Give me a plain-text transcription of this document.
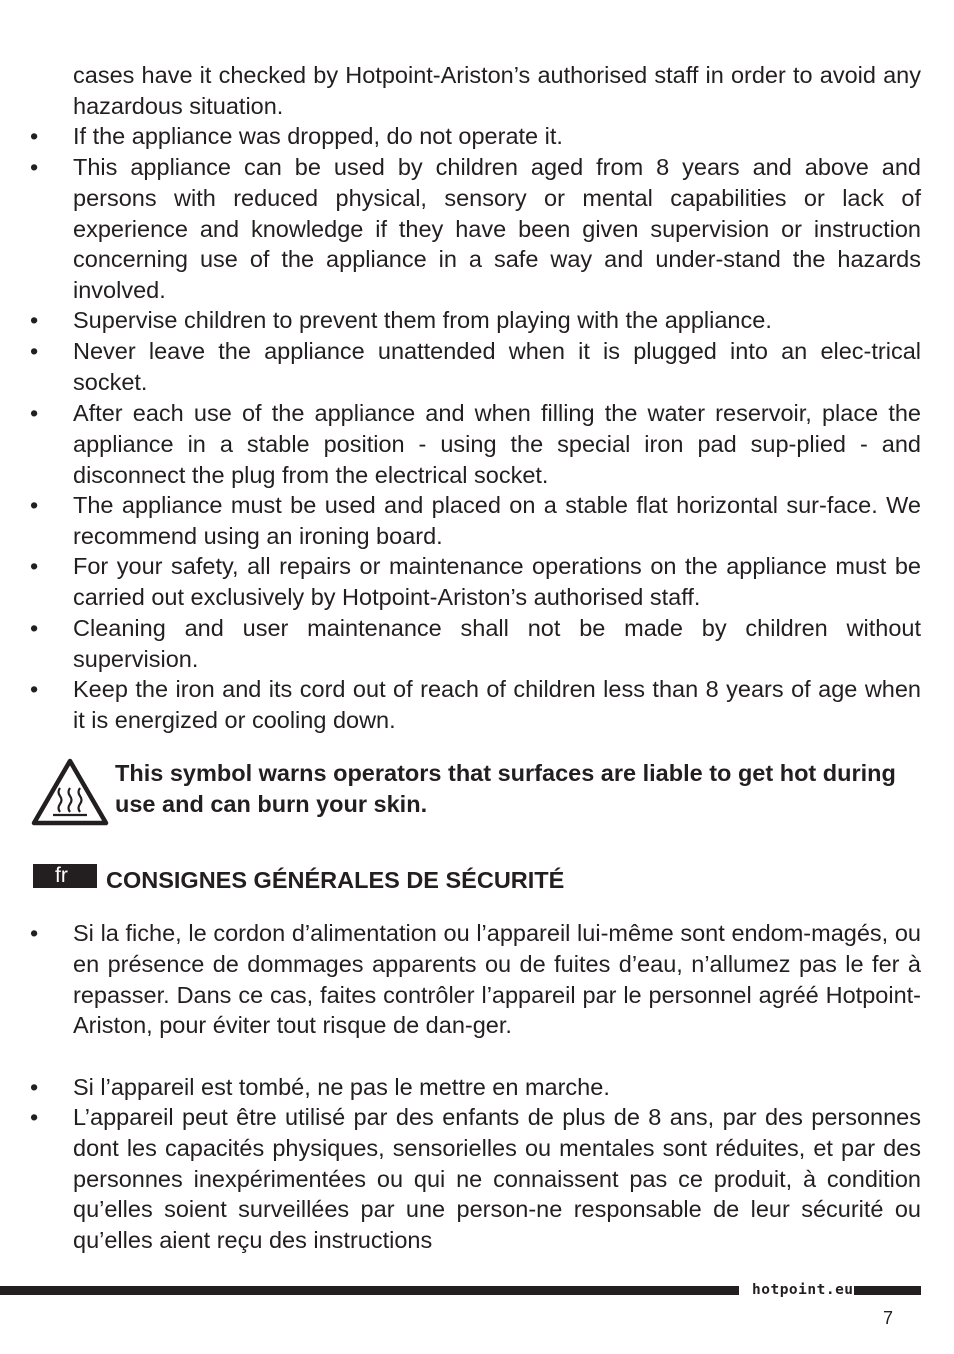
cases have it checked by Hotpoint-Ariston’s authorised staff in order to avoid any hazardous situation.
• If the appliance was dropped, do not operate it.
• This appliance can be used by children aged from 8 years and above and persons with reduced physical, sensory or mental capabilities or lack of experience and knowledge if they have been given supervision or instruction concerning use of the appliance in a safe way and under-stand the hazards involved.
• Supervise children to prevent them from playing with the appliance.
• Never leave the appliance unattended when it is plugged into an elec-trical socket.
• After each use of the appliance and when filling the water reservoir, place the appliance in a stable position - using the special iron pad sup-plied - and disconnect the plug from the electrical socket.
• The appliance must be used and placed on a stable flat horizontal sur-face. We recommend using an ironing board.
• For your safety, all repairs or maintenance operations on the appliance must be carried out exclusively by Hotpoint-Ariston’s authorised staff.
• Cleaning and user maintenance shall not be made by children without supervision.
• Keep the iron and its cord out of reach of children less than 8 years of age when it is energized or cooling down.
This symbol warns operators that surfaces are liable to get hot during use and can burn your skin.
fr	CONSIGNES GÉNÉRALES DE SÉCURITÉ
• Si la fiche, le cordon d’alimentation ou l’appareil lui-même sont endom-magés, ou en présence de dommages apparents ou de fuites d’eau, n’allumez pas le fer à repasser. Dans ce cas, faites contrôler l’appareil par le personnel agréé Hotpoint-Ariston, pour éviter tout risque de dan-ger.
• Si l’appareil est tombé, ne pas le mettre en marche.
• L’appareil peut être utilisé par des enfants de plus de 8 ans, par des personnes dont les capacités physiques, sensorielles ou mentales sont réduites, et par des personnes inexpérimentées ou qui ne connaissent pas ce produit, à condition qu’elles soient surveillées par une person-ne responsable de leur sécurité ou qu’elles aient reçu des instructions
hotpoint.eu
7
